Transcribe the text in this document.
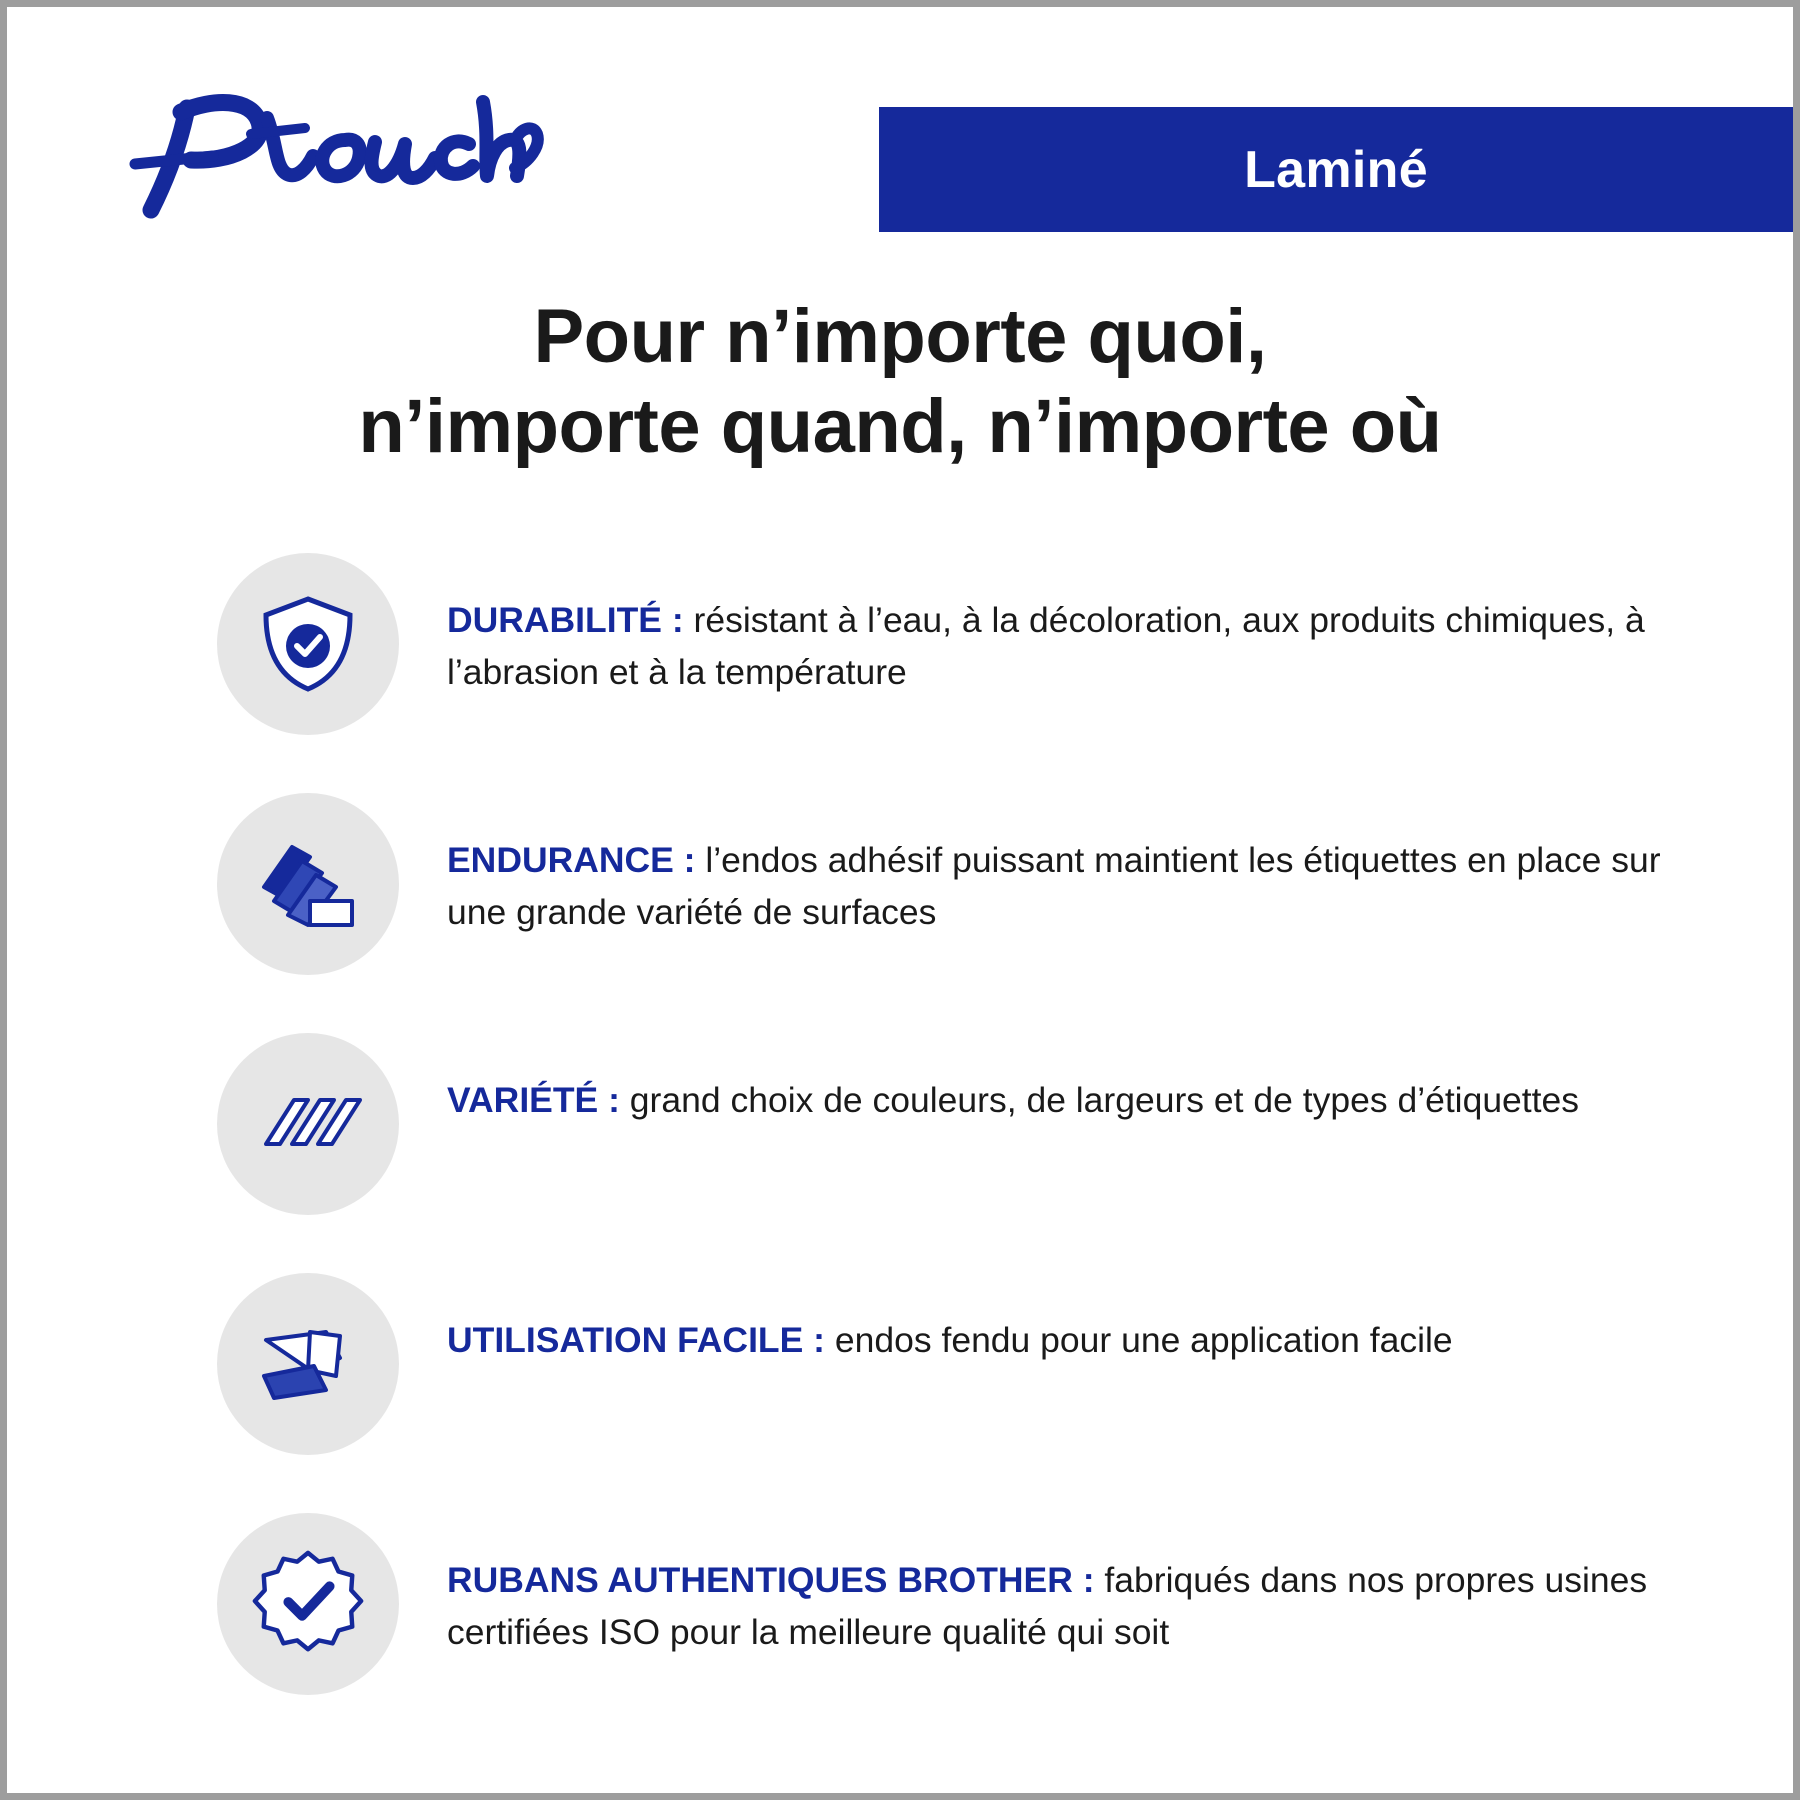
Laminé
Pour n’importe quoi,
n’importe quand, n’importe où
DURABILITÉ : résistant à l’eau, à la décoloration, aux produits chimiques, à l’abrasion et à la température
ENDURANCE : l’endos adhésif puissant maintient les étiquettes en place sur une grande variété de surfaces
VARIÉTÉ : grand choix de couleurs, de largeurs et de types d’étiquettes
UTILISATION FACILE : endos fendu pour une application facile
RUBANS AUTHENTIQUES BROTHER : fabriqués dans nos propres usines certifiées ISO pour la meilleure qualité qui soit
